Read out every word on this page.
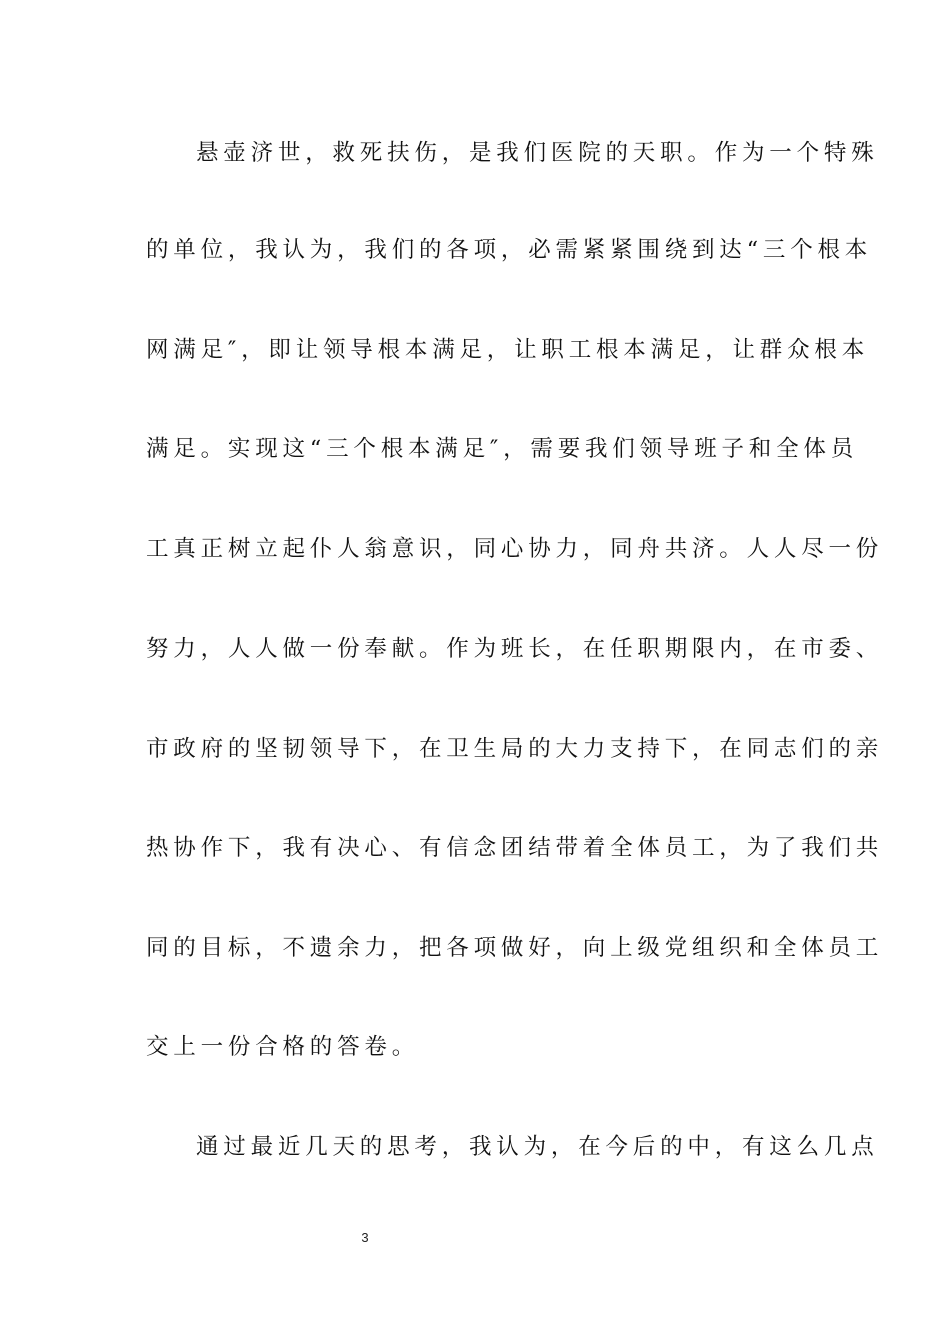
悬壶济世，救死扶伤，是我们医院的天职。作为一个特殊
的单位，我认为，我们的各项，必需紧紧围绕到达“三个根本
网满足″，即让领导根本满足，让职工根本满足，让群众根本
满足。实现这“三个根本满足″，需要我们领导班子和全体员
工真正树立起仆人翁意识，同心协力，同舟共济。人人尽一份
努力，人人做一份奉献。作为班长，在任职期限内，在市委、
市政府的坚韧领导下，在卫生局的大力支持下，在同志们的亲
热协作下，我有决心、有信念团结带着全体员工，为了我们共
同的目标，不遗余力，把各项做好，向上级党组织和全体员工
交上一份合格的答卷。
通过最近几天的思考，我认为，在今后的中，有这么几点
3
